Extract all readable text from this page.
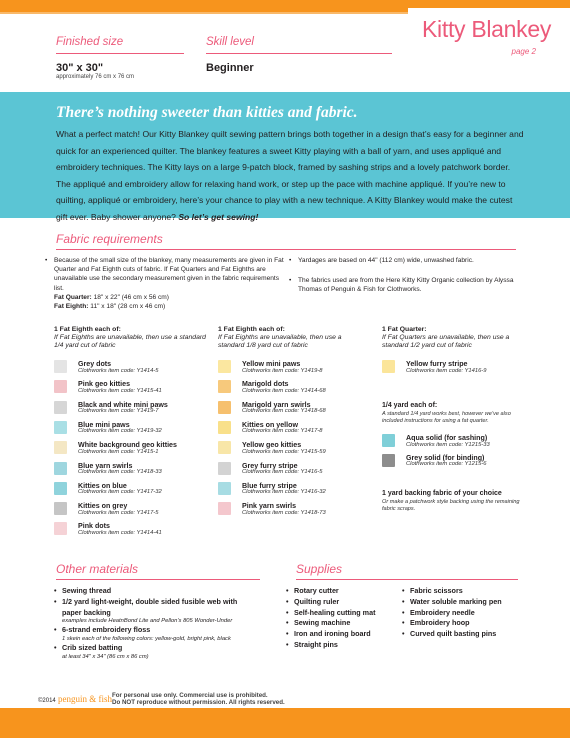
Kitty Blankey
page 2
Finished size
30" x 30"
approximately 76 cm x 76 cm
Skill level
Beginner
There’s nothing sweeter than kitties and fabric.
What a perfect match! Our Kitty Blankey quilt sewing pattern brings both together in a design that’s easy for a beginner and quick for an experienced quilter. The blankey features a sweet Kitty playing with a ball of yarn, and uses appliqué and embroidery techniques. The Kitty lays on a large 9-patch block, framed by sashing strips and a lovely patchwork border. The appliqué and embroidery allow for relaxing hand work, or step up the pace with machine appliqué. If you’re new to quilting, appliqué or embroidery, here’s your chance to play with a new technique. A Kitty Blankey would make the cutest gift ever. Baby shower anyone? So let’s get sewing!
Fabric requirements
• Because of the small size of the blankey, many measurements are given in Fat Quarter and Fat Eighth cuts of fabric. If Fat Quarters and Fat Eighths are unavailable use the secondary measurement given in the fabric requirements list.
Fat Quarter: 18" x 22" (46 cm x 56 cm)
Fat Eighth: 11" x 18" (28 cm x 46 cm)
• Yardages are based on 44" (112 cm) wide, unwashed fabric.
• The fabrics used are from the Here Kitty Kitty Organic collection by Alyssa Thomas of Penguin & Fish for Clothworks.
1 Fat Eighth each of:
If Fat Eighths are unavailable, then use a standard 1/4 yard cut of fabric
Grey dots
Clothworks item code: Y1414-5
Pink geo kitties
Clothworks item code: Y1415-41
Black and white mini paws
Clothworks item code: Y1419-7
Blue mini paws
Clothworks item code: Y1419-32
White background geo kitties
Clothworks item code: Y1415-1
Blue yarn swirls
Clothworks item code: Y1418-33
Kitties on blue
Clothworks item code: Y1417-32
Kitties on grey
Clothworks item code: Y1417-5
Pink dots
Clothworks item code: Y1414-41
1 Fat Eighth each of:
If Fat Eighths are unavailable, then use a standard 1/8 yard cut of fabric
Yellow mini paws
Clothworks item code: Y1419-8
Marigold dots
Clothworks item code: Y1414-68
Marigold yarn swirls
Clothworks item code: Y1418-68
Kitties on yellow
Clothworks item code: Y1417-8
Yellow geo kitties
Clothworks item code: Y1415-59
Grey furry stripe
Clothworks item code: Y1416-5
Blue furry stripe
Clothworks item code: Y1416-32
Pink yarn swirls
Clothworks item code: Y1418-73
1 Fat Quarter:
If Fat Quarters are unavailable, then use a standard 1/2 yard cut of fabric
Yellow furry stripe
Clothworks item code: Y1416-9
1/4 yard each of:
A standard 1/4 yard works best, however we’ve also included instructions for using a fat quarter.
Aqua solid (for sashing)
Clothworks item code: Y1215-33
Grey solid (for binding)
Clothworks item code: Y1215-6
1 yard backing fabric of your choice
Or make a patchwork style backing using the remaining fabric scraps.
Other materials
• Sewing thread
• 1/2 yard light-weight, double sided fusible web with paper backing
examples include HeatnBond Lite and Pellon’s 805 Wonder-Under
• 6-strand embroidery floss
1 skein each of the following colors: yellow-gold, bright pink, black
• Crib sized batting
at least 34" x 34" (86 cm x 86 cm)
Supplies
• Rotary cutter
• Quilting ruler
• Self-healing cutting mat
• Sewing machine
• Iron and ironing board
• Straight pins
• Fabric scissors
• Water soluble marking pen
• Embroidery needle
• Embroidery hoop
• Curved quilt basting pins
©2014 penguin & fish For personal use only. Commercial use is prohibited.
Do NOT reproduce without permission. All rights reserved.
